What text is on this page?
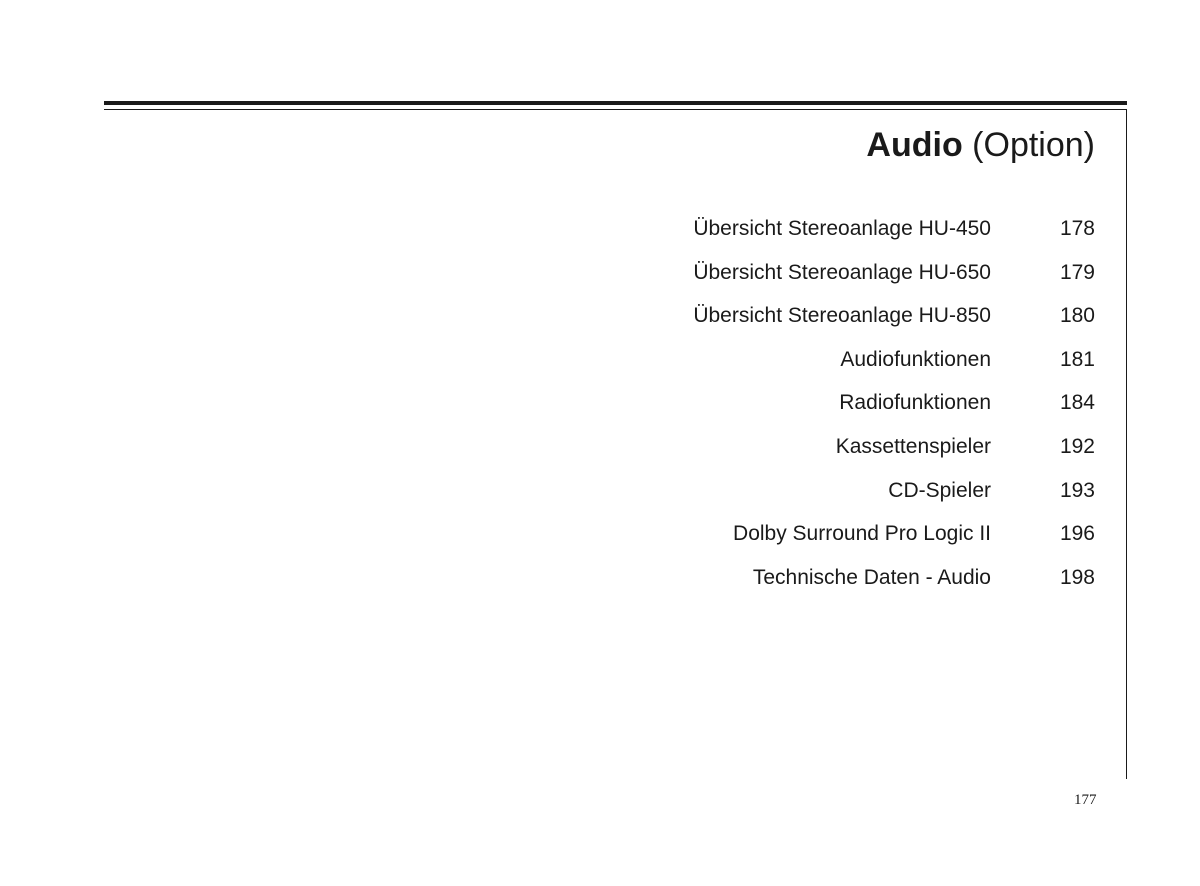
Audio (Option)
Übersicht Stereoanlage HU-450	178
Übersicht Stereoanlage HU-650	179
Übersicht Stereoanlage HU-850	180
Audiofunktionen	181
Radiofunktionen	184
Kassettenspieler	192
CD-Spieler	193
Dolby Surround Pro Logic II	196
Technische Daten - Audio	198
177
